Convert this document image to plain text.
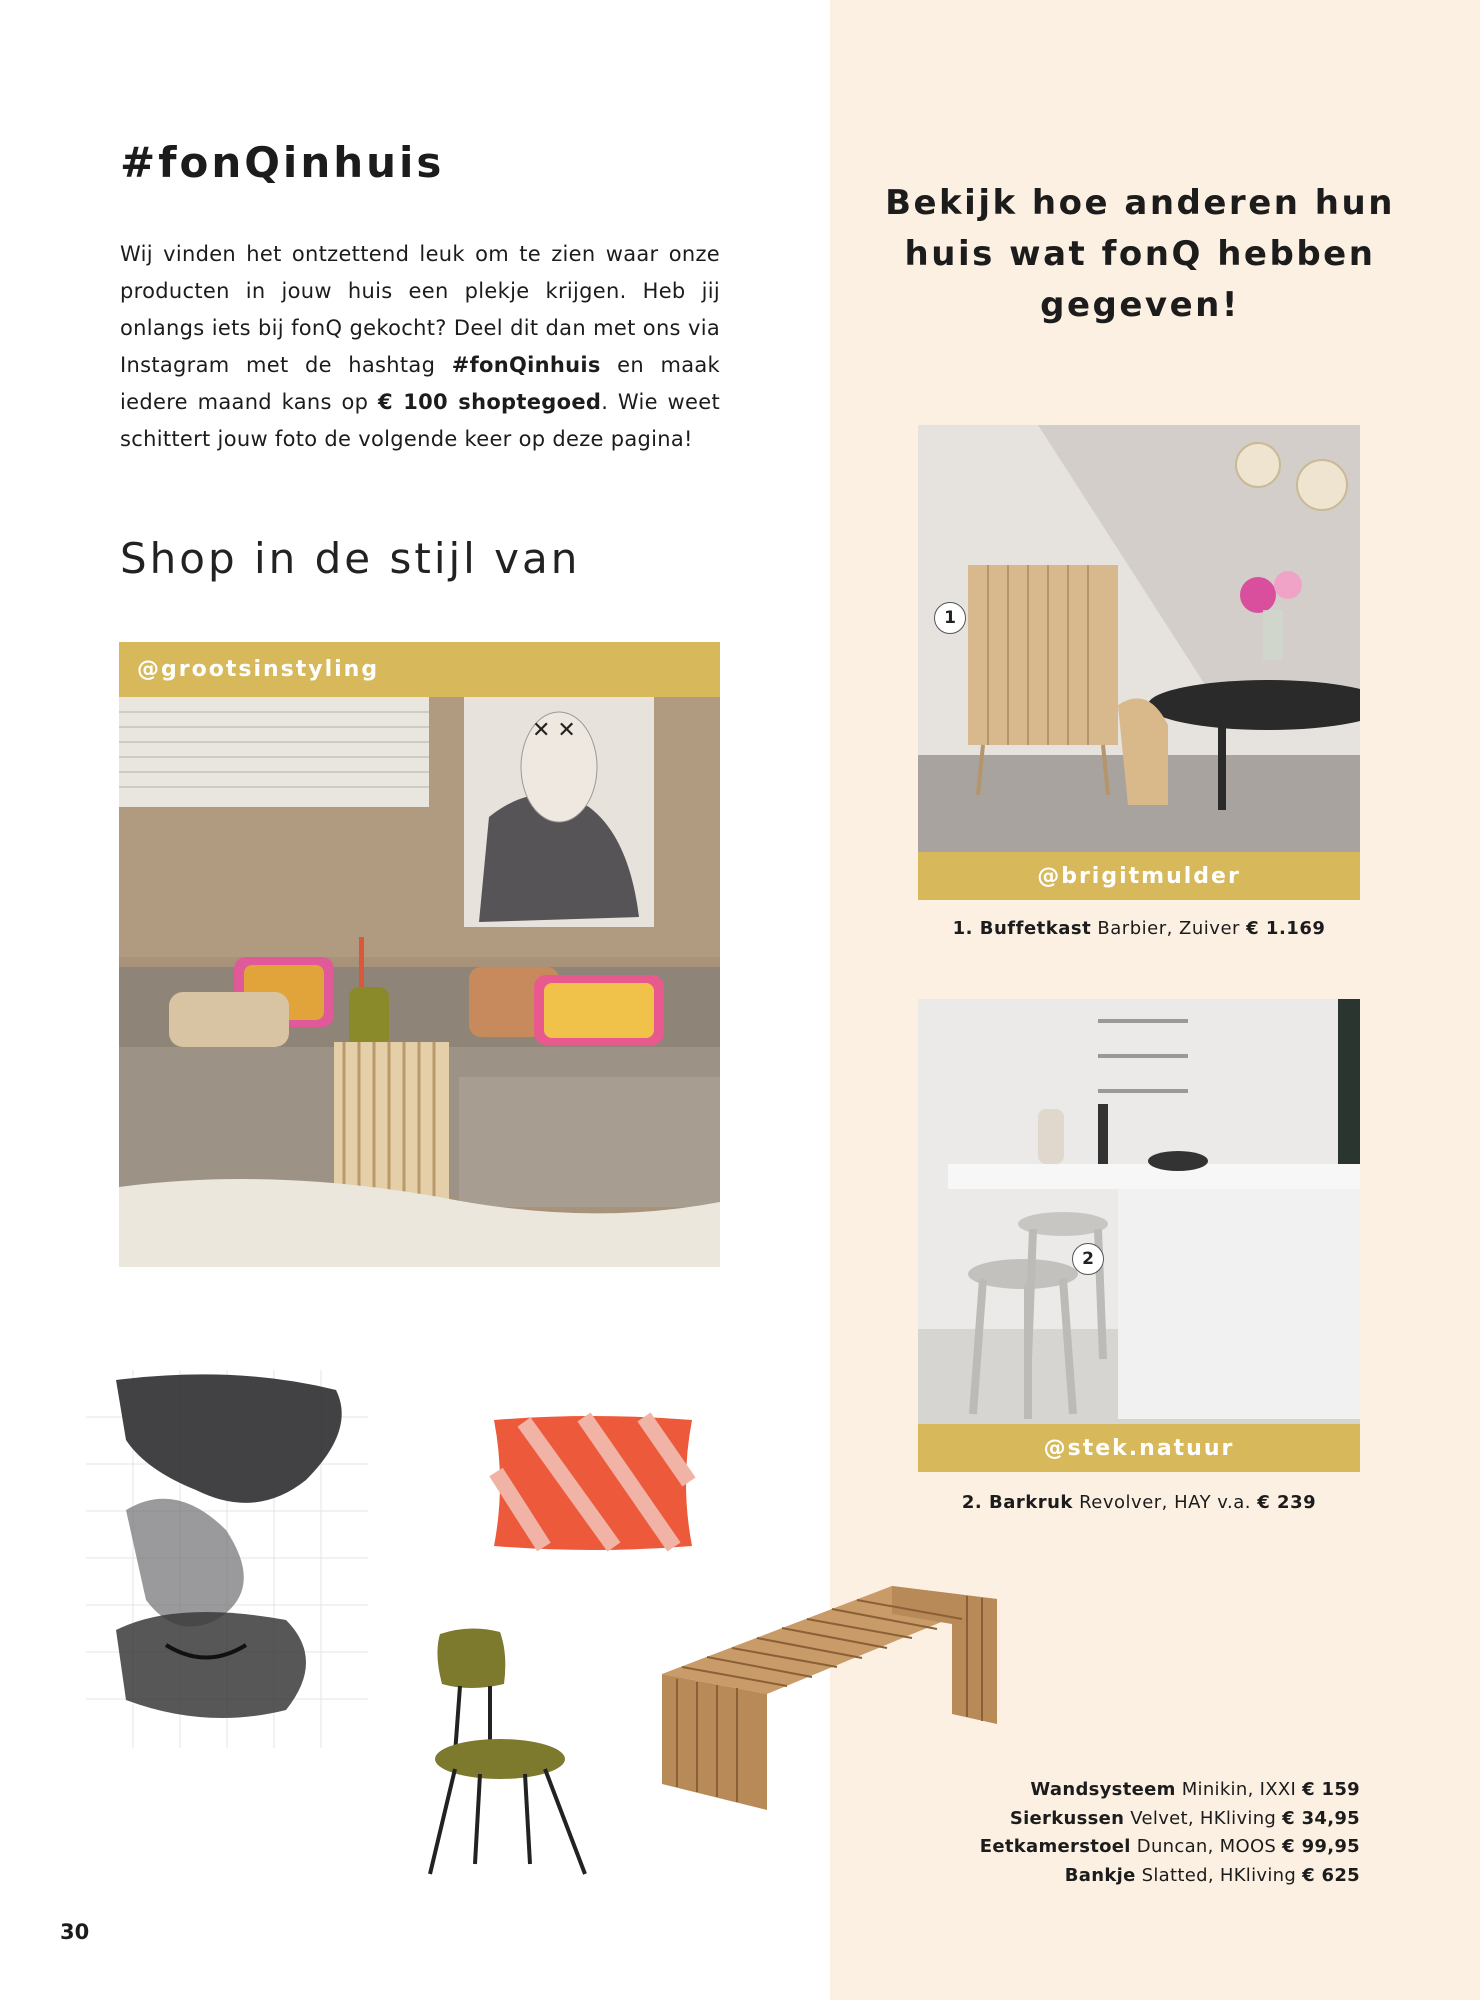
#fonQinhuis
Wij vinden het ontzettend leuk om te zien waar onze producten in jouw huis een plekje krijgen. Heb jij onlangs iets bij fonQ gekocht? Deel dit dan met ons via Instagram met de hashtag #fonQinhuis en maak iedere maand kans op € 100 shoptegoed. Wie weet schittert jouw foto de volgende keer op deze pagina!
Shop in de stijl van
@grootsinstyling
✕ ✕
Bekijk hoe anderen hun huis wat fonQ hebben gegeven!
1
@brigitmulder
1. Buffetkast Barbier, Zuiver € 1.169
2
@stek.natuur
2. Barkruk Revolver, HAY v.a. € 239
Wandsysteem Minikin, IXXI € 159
Sierkussen Velvet, HKliving € 34,95
Eetkamerstoel Duncan, MOOS € 99,95
Bankje Slatted, HKliving € 625
30
